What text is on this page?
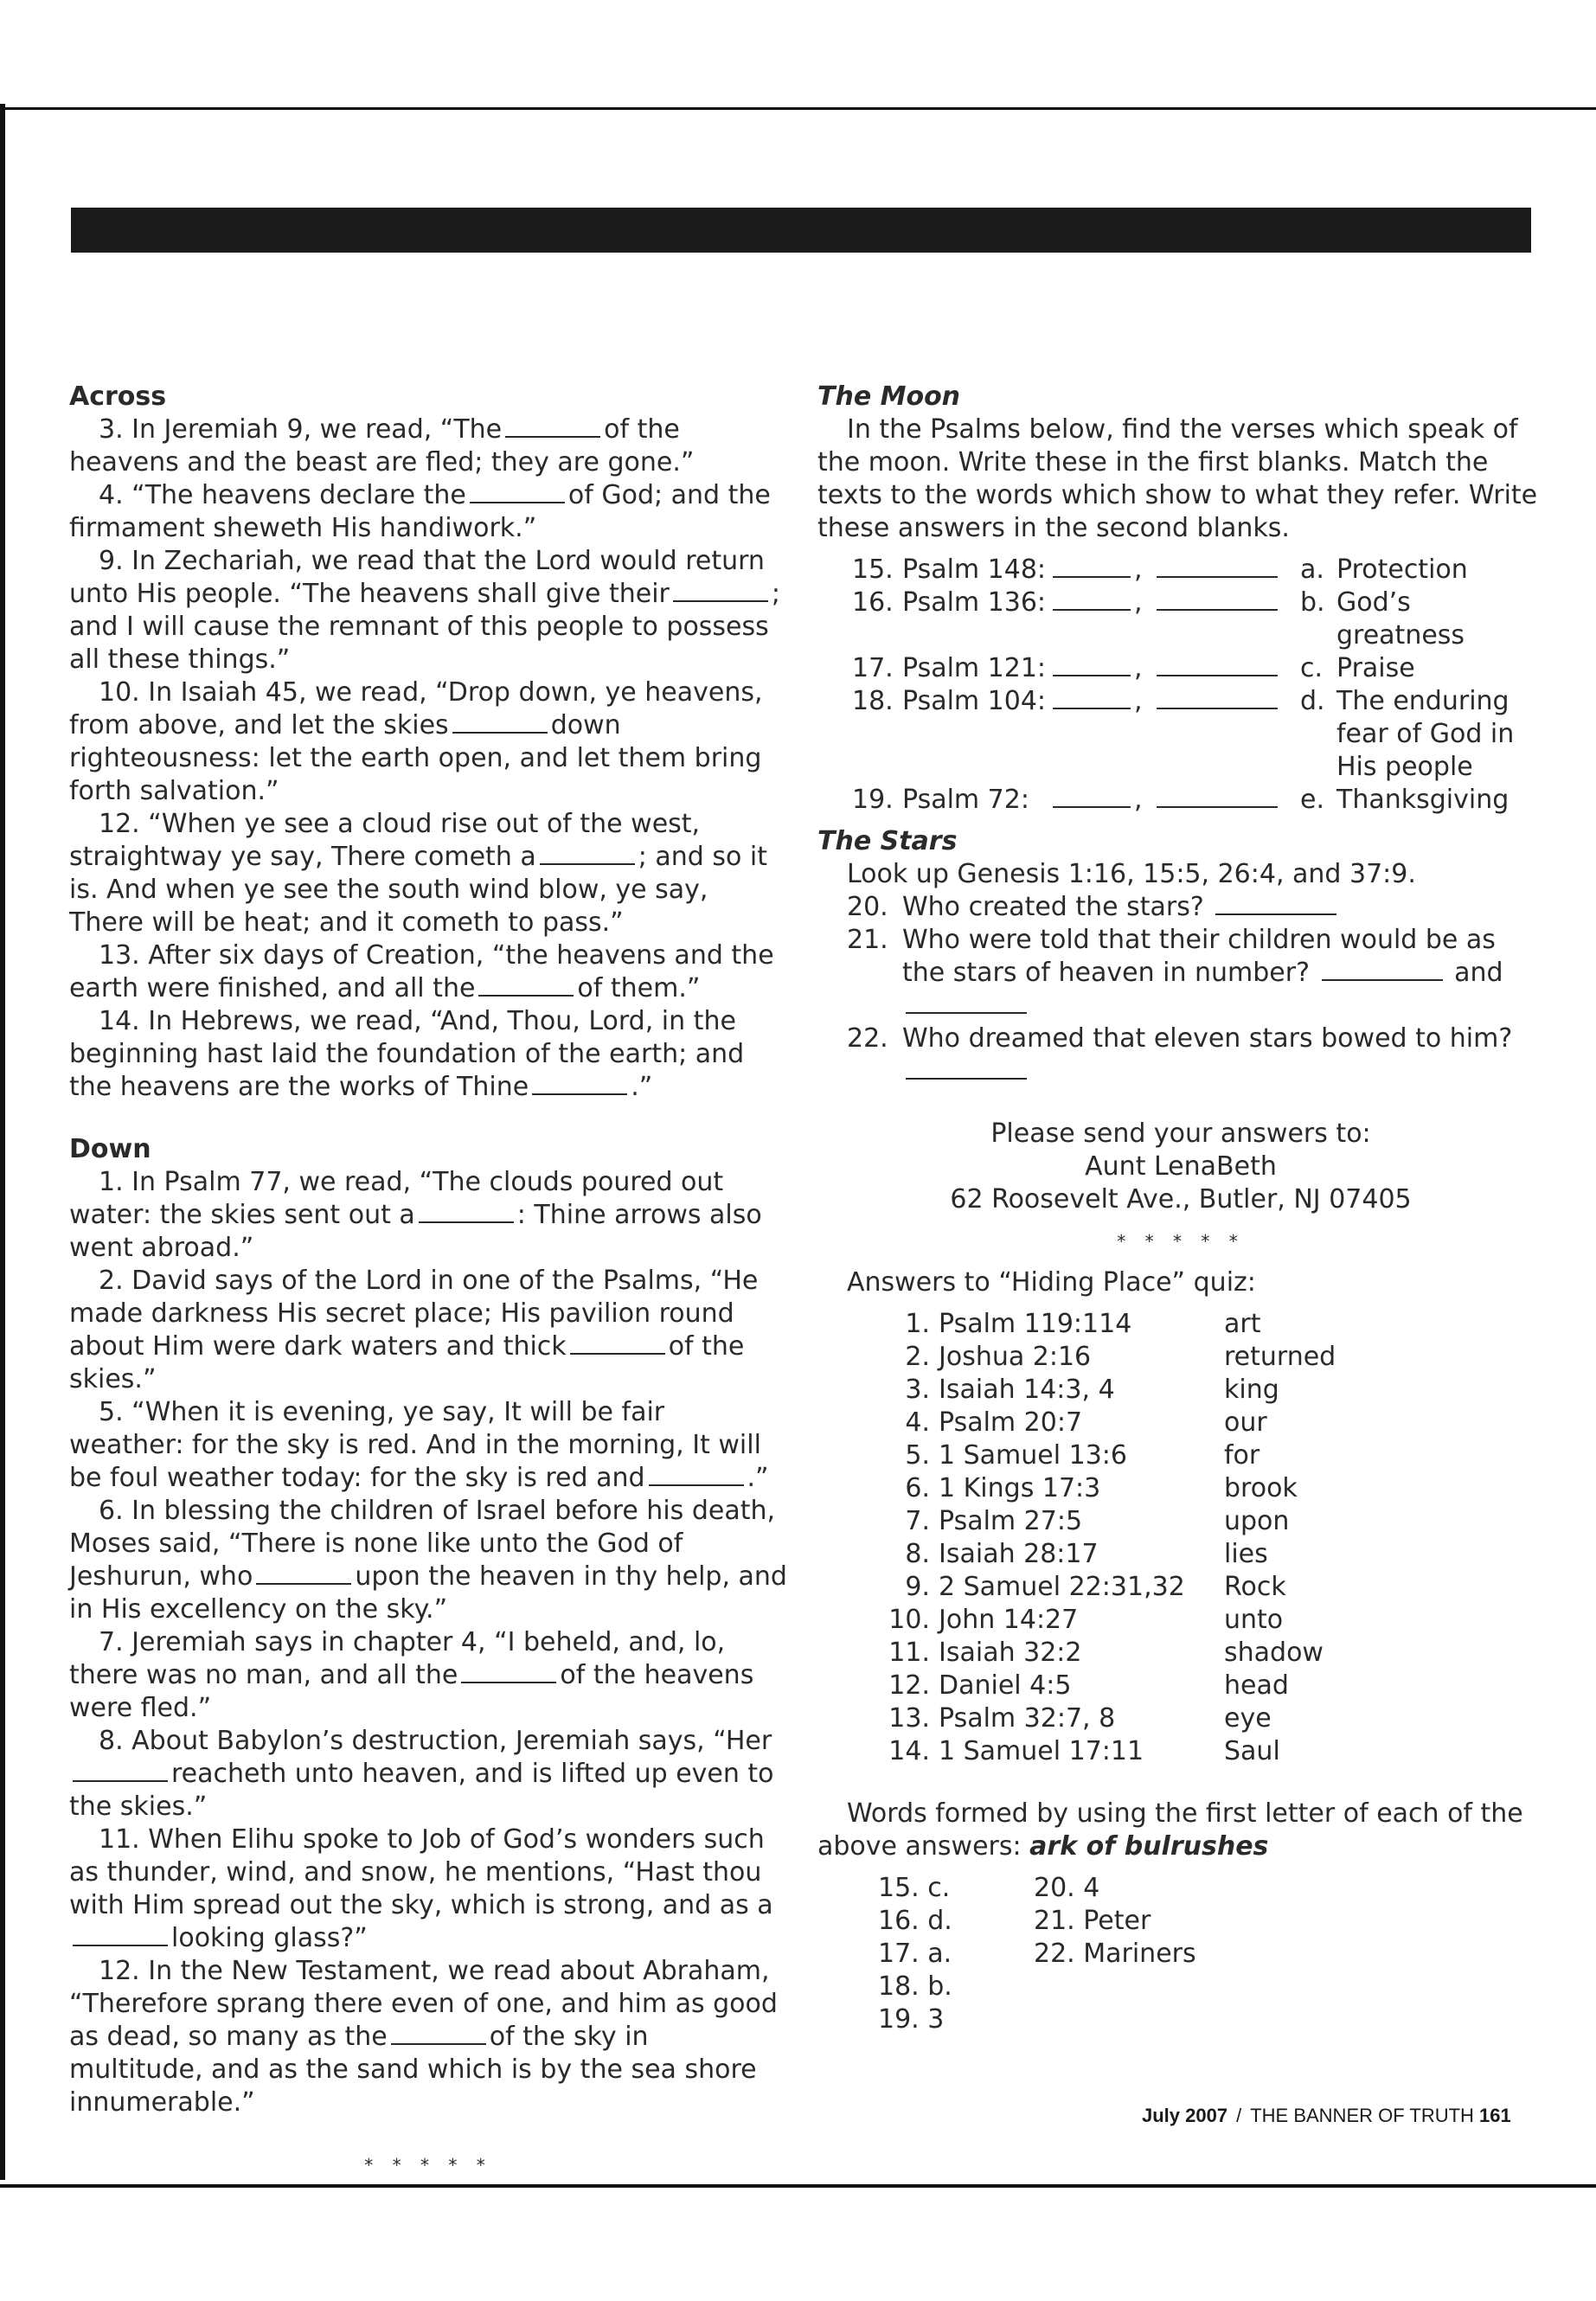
Across

3. In Jeremiah 9, we read, “The	of the heavens and the beast are fled; they are gone.”

4. “The heavens declare the	of God; and the firmament sheweth His handiwork.”

9. In Zechariah, we read that the Lord would return unto His people. “The heavens shall give their	; and I will cause the remnant of this people to possess all these things.”

10. In Isaiah 45, we read, “Drop down, ye heavens, from above, and let the skies	down righteousness: let the earth open, and let them bring forth salvation.”

12. “When ye see a cloud rise out of the west, straightway ye say, There cometh a	; and so it is. And when ye see the south wind blow, ye say, There will be heat; and it cometh to pass.”

13. After six days of Creation, “the heavens and the earth were finished, and all the	of them.”

14. In Hebrews, we read, “And, Thou, Lord, in the beginning hast laid the foundation of the earth; and the heavens are the works of Thine	.”

Down

1. In Psalm 77, we read, “The clouds poured out water: the skies sent out a	: Thine arrows also went abroad.”

2. David says of the Lord in one of the Psalms, “He made darkness His secret place; His pavilion round about Him were dark waters and thick	of the skies.”

5. “When it is evening, ye say, It will be fair weather: for the sky is red. And in the morning, It will be foul weather today: for the sky is red and	.”

6. In blessing the children of Israel before his death, Moses said, “There is none like unto the God of Jeshurun, who	upon the heaven in thy help, and in His excellency on the sky.”

7. Jeremiah says in chapter 4, “I beheld, and, lo, there was no man, and all the	of the heavens were fled.”

8. About Babylon’s destruction, Jeremiah says, “Herreacheth unto heaven, and is lifted up even to the skies.”

11. When Elihu spoke to Job of God’s wonders such as thunder, wind, and snow, he mentions, “Hast thou with Him spread out the sky, which is strong, and as alooking glass?”

12. In the New Testament, we read about Abraham, “Therefore sprang there even of one, and him as good as dead, so many as the	of the sky in multitude, and as the sand which is by the sea shore innumerable.”

* * * * *

The Moon

In the Psalms below, find the verses which speak of the moon. Write these in the first blanks. Match the texts to the words which show to what they refer. Write these answers in the second blanks.

15. Psalm 148:	,	a. Protection
16. Psalm 136:	,	b. God’s greatness
17. Psalm 121:	,	c. Praise
18. Psalm 104:	,	d. The enduring fear of God in His people
19. Psalm 72:	,	e. Thanksgiving

The Stars

Look up Genesis 1:16, 15:5, 26:4, and 37:9.

20. Who created the stars?
21. Who were told that their children would be as the stars of heaven in number?	and

22. Who dreamed that eleven stars bowed to him?

Please send your answers to:

Aunt LenaBeth

62 Roosevelt Ave., Butler, NJ 07405

* * * * *

Answers to “Hiding Place” quiz:

1. Psalm 119:114	art
2. Joshua 2:16	returned
3. Isaiah 14:3, 4	king
4. Psalm 20:7	our
5. 1 Samuel 13:6	for
6. 1 Kings 17:3	brook
7. Psalm 27:5	upon
8. Isaiah 28:17	lies
9. 2 Samuel 22:31,32	Rock
10. John 14:27	unto
11. Isaiah 32:2	shadow
12. Daniel 4:5	head
13. Psalm 32:7, 8	eye
14. 1 Samuel 17:11	Saul

Words formed by using the first letter of each of the above answers: ark of bulrushes

15. c.	20. 4
16. d.	21. Peter
17. a.	22. Mariners
18. b.
19. 3
July 2007 / THE BANNER OF TRUTH 161
